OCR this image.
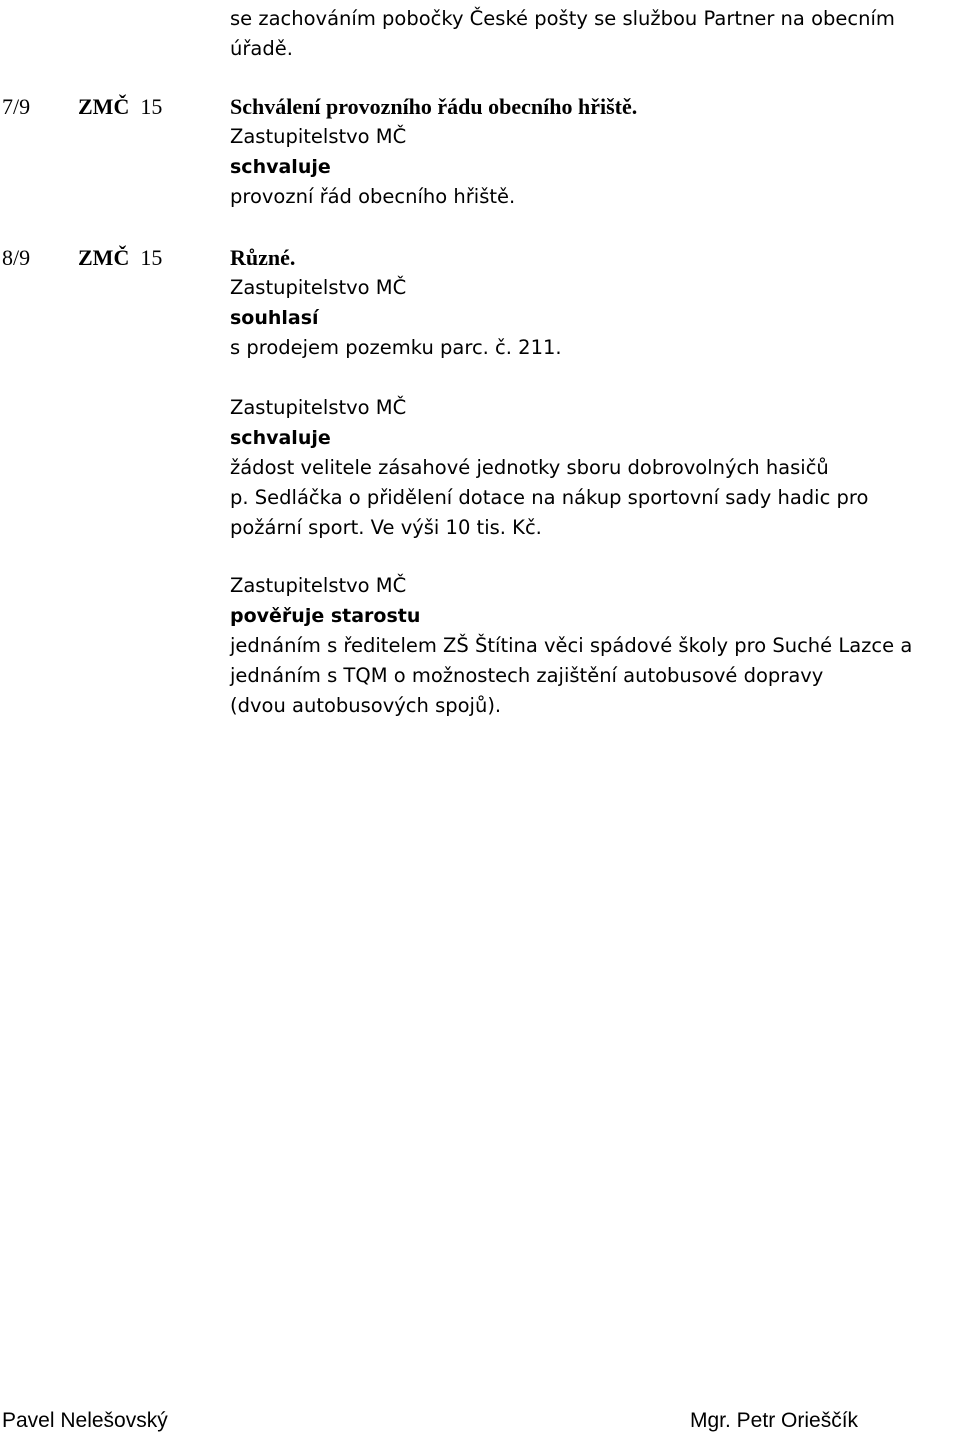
se zachováním pobočky České pošty se službou Partner na obecním
úřadě.
7/9 ZMČ 15	Schválení provozního řádu obecního hřiště.
Zastupitelstvo MČ
schvaluje
provozní řád obecního hřiště.
8/9 ZMČ 15	Různé.
Zastupitelstvo MČ
souhlasí
s prodejem pozemku parc. č. 211.
Zastupitelstvo MČ
schvaluje
žádost velitele zásahové jednotky sboru dobrovolných hasičů
p. Sedláčka o přidělení dotace na nákup sportovní sady hadic pro
požární sport. Ve výši 10 tis. Kč.
Zastupitelstvo MČ
pověřuje starostu
jednáním s ředitelem ZŠ Štítina věci spádové školy pro Suché Lazce a
jednáním s TQM o možnostech zajištění autobusové dopravy
(dvou autobusových spojů).
Pavel Nelešovský	Mgr. Petr Orieščík
